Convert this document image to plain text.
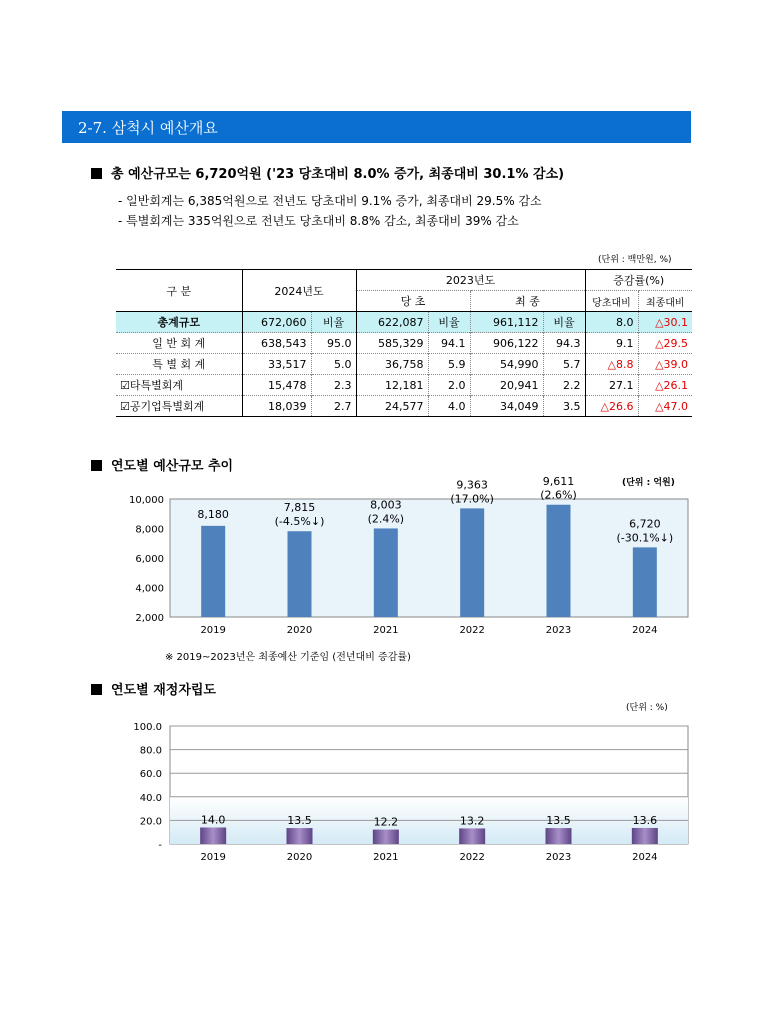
2-7. 삼척시 예산개요
총 예산규모는 6,720억원 ('23 당초대비 8.0% 증가, 최종대비 30.1% 감소)
- 일반회계는 6,385억원으로 전년도 당초대비 9.1% 증가, 최종대비 29.5% 감소
- 특별회계는 335억원으로 전년도 당초대비 8.8% 감소, 최종대비 39% 감소
(단위 : 백만원, %)
구 분	2024년도		2023년도				증감률(%)	
			당 초		최 종		당초대비	최종대비
총계규모	672,060	비율	622,087	비율	961,112	비율	8.0	△30.1
일 반 회 계	638,543	95.0	585,329	94.1	906,122	94.3	9.1	△29.5
특 별 회 계	33,517	5.0	36,758	5.9	54,990	5.7	△8.8	△39.0
☑타특별회계	15,478	2.3	12,181	2.0	20,941	2.2	27.1	△26.1
☑공기업특별회계	18,039	2.7	24,577	4.0	34,049	3.5	△26.6	△47.0
연도별 예산규모 추이
(단위 : 억원)
10,000
8,000
6,000
4,000
2,000
2019
8,180
2020
7,815
(-4.5%↓)
2021
8,003
(2.4%)
2022
9,363
(17.0%)
2023
9,611
(2.6%)
2024
6,720
(-30.1%↓)
※ 2019~2023년은 최종예산 기준임 (전년대비 증감률)
연도별 재정자립도
(단위 : %)
100.0
80.0
60.0
40.0
20.0
-
14.0
2019
13.5
2020
12.2
2021
13.2
2022
13.5
2023
13.6
2024
